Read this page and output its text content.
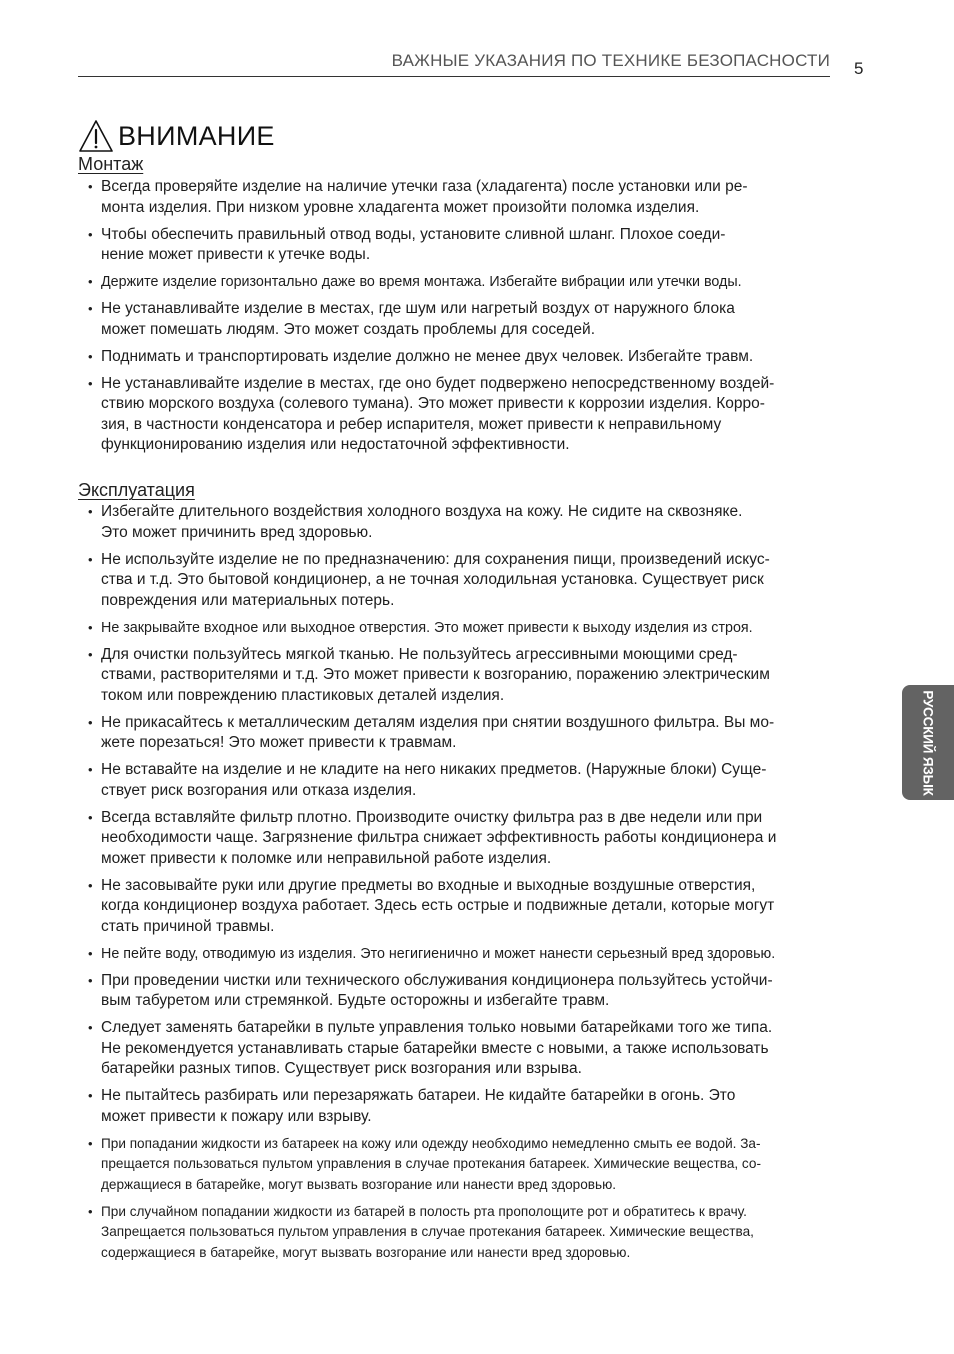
ВАЖНЫЕ УКАЗАНИЯ ПО ТЕХНИКЕ БЕЗОПАСНОСТИ 5
ВНИМАНИЕ
Монтаж
• Всегда проверяйте изделие на наличие утечки газа (хладагента) после установки или ре-
монта изделия. При низком уровне хладагента может произойти поломка изделия.
• Чтобы обеспечить правильный отвод воды, установите сливной шланг. Плохое соеди-
нение может привести к утечке воды.
• Держите изделие горизонтально даже во время монтажа. Избегайте вибрации или утечки воды.
• Не устанавливайте изделие в местах, где шум или нагретый воздух от наружного блока
может помешать людям. Это может создать проблемы для соседей.
• Поднимать и транспортировать изделие должно не менее двух человек. Избегайте травм.
• Не устанавливайте изделие в местах, где оно будет подвержено непосредственному воздей-
ствию морского воздуха (солевого тумана). Это может привести к коррозии изделия. Корро-
зия, в частности конденсатора и ребер испарителя, может привести к неправильному
функционированию изделия или недостаточной эффективности.
Эксплуатация
• Избегайте длительного воздействия холодного воздуха на кожу. Не сидите на сквозняке.
Это может причинить вред здоровью.
• Не используйте изделие не по предназначению: для сохранения пищи, произведений искус-
ства и т.д. Это бытовой кондиционер, а не точная холодильная установка. Существует риск
повреждения или материальных потерь.
• Не закрывайте входное или выходное отверстия. Это может привести к выходу изделия из строя.
• Для очистки пользуйтесь мягкой тканью. Не пользуйтесь агрессивными моющими сред-
ствами, растворителями и т.д. Это может привести к возгоранию, поражению электрическим
током или повреждению пластиковых деталей изделия.
• Не прикасайтесь к металлическим деталям изделия при снятии воздушного фильтра. Вы мо-
жете порезаться! Это может привести к травмам.
• Не вставайте на изделие и не кладите на него никаких предметов. (Наружные блоки) Суще-
ствует риск возгорания или отказа изделия.
• Всегда вставляйте фильтр плотно. Производите очистку фильтра раз в две недели или при
необходимости чаще. Загрязнение фильтра снижает эффективность работы кондиционера и
может привести к поломке или неправильной работе изделия.
• Не засовывайте руки или другие предметы во входные и выходные воздушные отверстия,
когда кондиционер воздуха работает. Здесь есть острые и подвижные детали, которые могут
стать причиной травмы.
• Не пейте воду, отводимую из изделия. Это негигиенично и может нанести серьезный вред здоровью.
• При проведении чистки или технического обслуживания кондиционера пользуйтесь устойчи-
вым табуретом или стремянкой. Будьте осторожны и избегайте травм.
• Следует заменять батарейки в пульте управления только новыми батарейками того же типа.
Не рекомендуется устанавливать старые батарейки вместе с новыми, а также использовать
батарейки разных типов. Существует риск возгорания или взрыва.
• Не пытайтесь разбирать или перезаряжать батареи. Не кидайте батарейки в огонь. Это
может привести к пожару или взрыву.
• При попадании жидкости из батареек на кожу или одежду необходимо немедленно смыть ее водой. За-
прещается пользоваться пультом управления в случае протекания батареек. Химические вещества, со-
держащиеся в батарейке, могут вызвать возгорание или нанести вред здоровью.
• При случайном попадании жидкости из батарей в полость рта прополощите рот и обратитесь к врачу.
Запрещается пользоваться пультом управления в случае протекания батареек. Химические вещества,
содержащиеся в батарейке, могут вызвать возгорание или нанести вред здоровью.
РУССКИЙ ЯЗЫК
